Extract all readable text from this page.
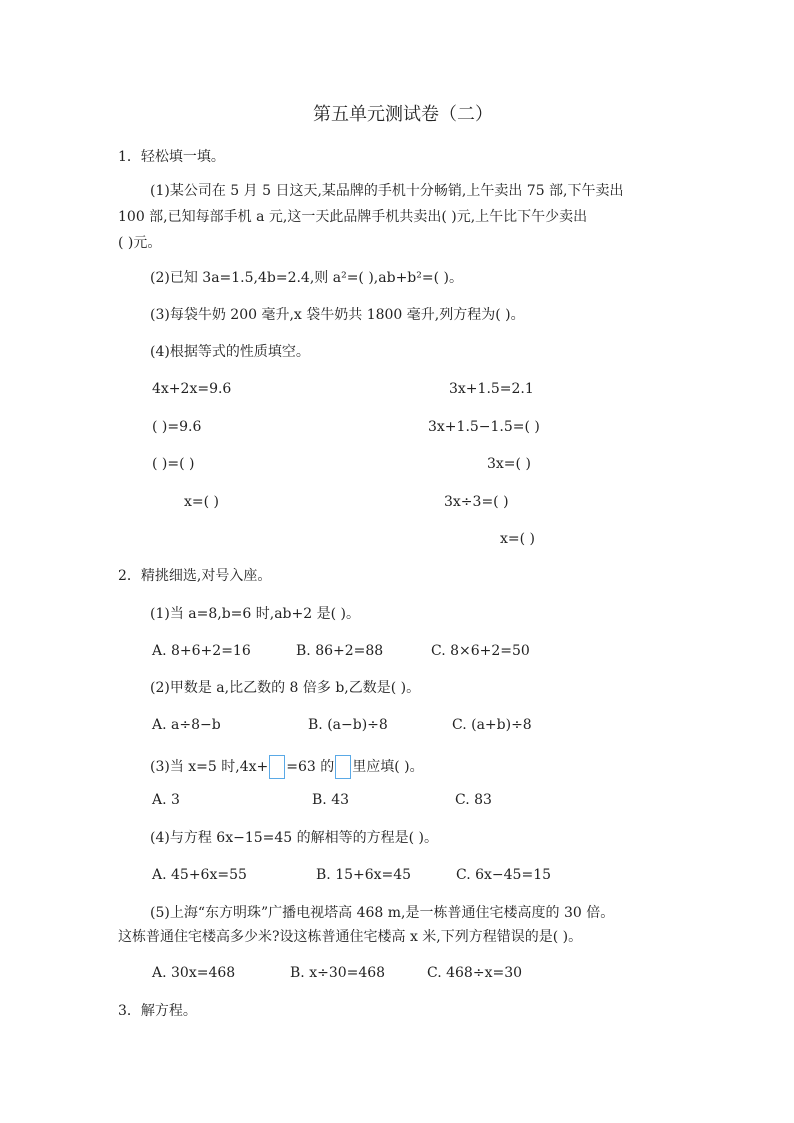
第五单元测试卷（二）
1．轻松填一填。
(1)某公司在 5 月 5 日这天,某品牌的手机十分畅销,上午卖出 75 部,下午卖出
100 部,已知每部手机 a 元,这一天此品牌手机共卖出( )元,上午比下午少卖出
( )元。
(2)已知 3a=1.5,4b=2.4,则 a²=( ),ab+b²=( )。
(3)每袋牛奶 200 毫升,x 袋牛奶共 1800 毫升,列方程为( )。
(4)根据等式的性质填空。
4x+2x=9.6
( )=9.6
( )=( )
x=( )
3x+1.5=2.1
3x+1.5−1.5=( )
3x=( )
3x÷3=( )
x=( )
2．精挑细选,对号入座。
(1)当 a=8,b=6 时,ab+2 是( )。
A. 8+6+2=16	B. 86+2=88	C. 8×6+2=50
(2)甲数是 a,比乙数的 8 倍多 b,乙数是( )。
A. a÷8−b	B. (a−b)÷8	C. (a+b)÷8
(3)当 x=5 时,4x+ =63 的 里应填( )。
A. 3	B. 43	C. 83
(4)与方程 6x−15=45 的解相等的方程是( )。
A. 45+6x=55	B. 15+6x=45	C. 6x−45=15
(5)上海“东方明珠”广播电视塔高 468 m,是一栋普通住宅楼高度的 30 倍。
这栋普通住宅楼高多少米?设这栋普通住宅楼高 x 米,下列方程错误的是( )。
A. 30x=468	B. x÷30=468	C. 468÷x=30
3．解方程。
